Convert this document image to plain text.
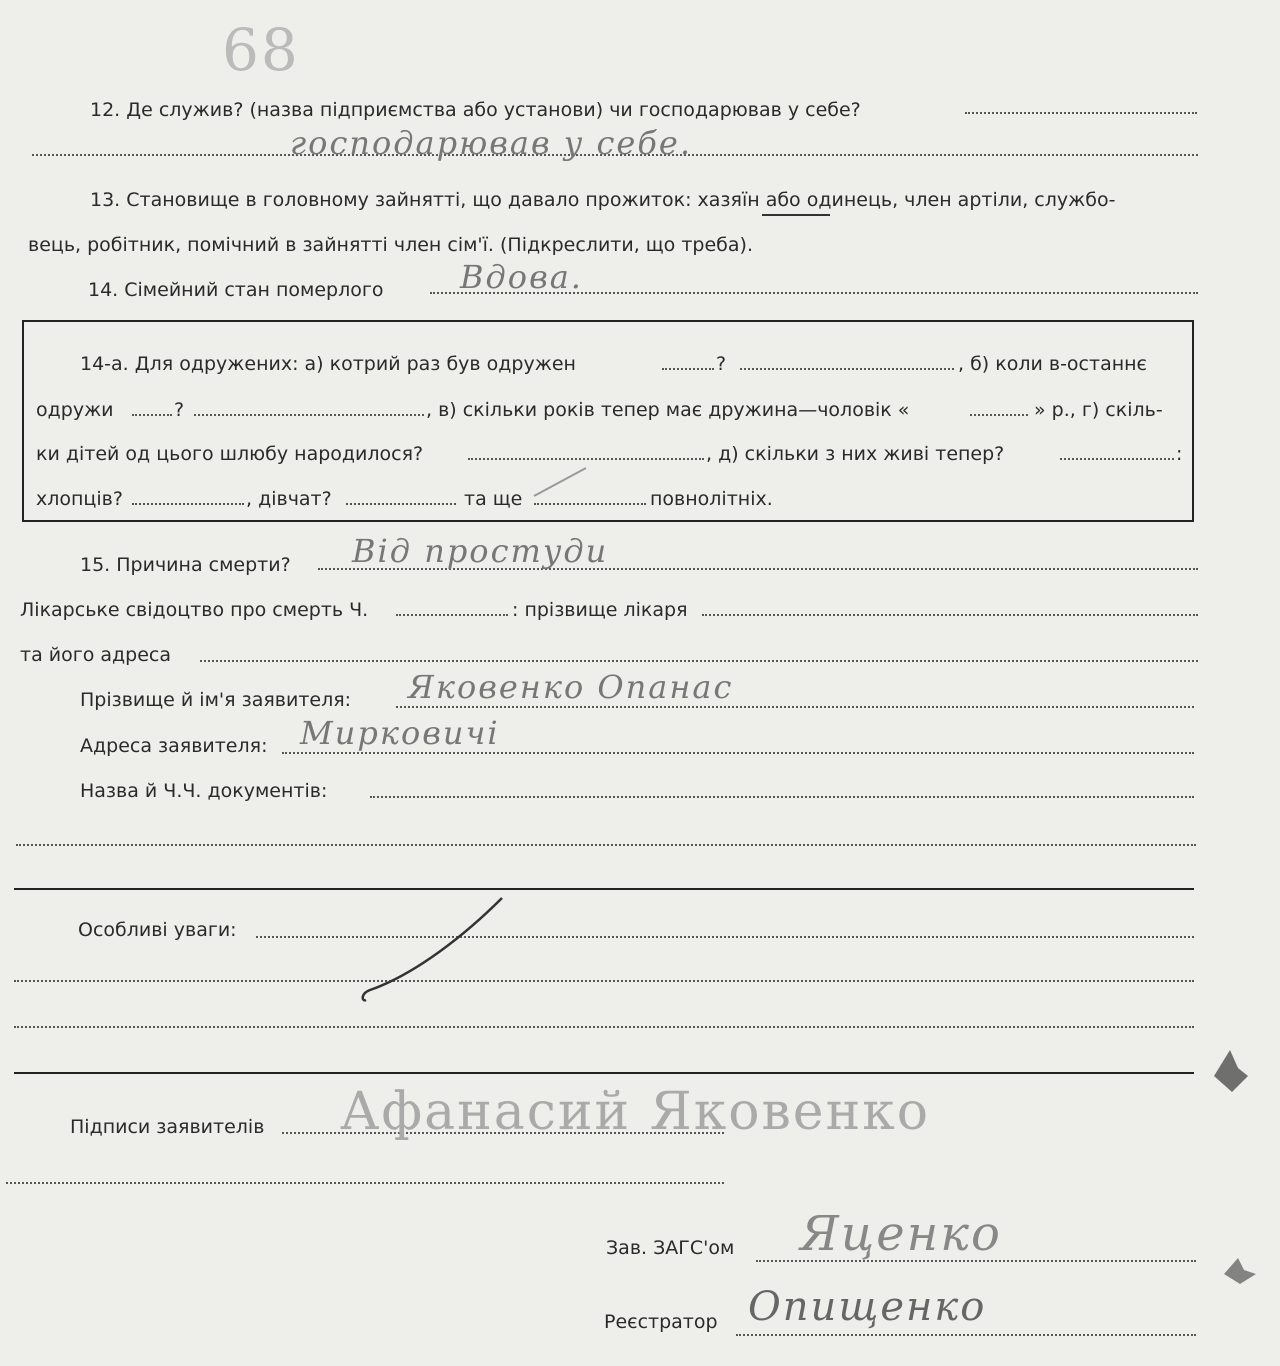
68
12. Де служив? (назва підприємства або установи) чи господарював у себе?
господарював у себе.
13. Становище в головному зайнятті, що давало прожиток: хазяїн або одинець, член артіли, службо-
вець, робітник, помічний в зайнятті член сім'ї. (Підкреслити, що треба).
14. Сімейний стан померлого Вдова.
14-а. Для одружених: а) котрий раз був одружен	?	, б) коли в-останнє
одружи	?	, в) скільки років тепер має дружина—чоловік «	» р., г) скіль-
ки дітей од цього шлюбу народилося?	, д) скільки з них живі тепер?	:
хлопців?	, дівчат?	та ще	повнолітніх.
15. Причина смерти? Від простуди
Лікарське свідоцтво про смерть Ч.	: прізвище лікаря
та його адреса
Прізвище й ім'я заявителя: Яковенко Опанас
Адреса заявителя: Мирковичі
Назва й Ч.Ч. документів:
Особливі уваги:
Підписи заявителів Афанасий Яковенко
Зав. ЗАГС'ом Яценко
Реєстратор Опищенко
